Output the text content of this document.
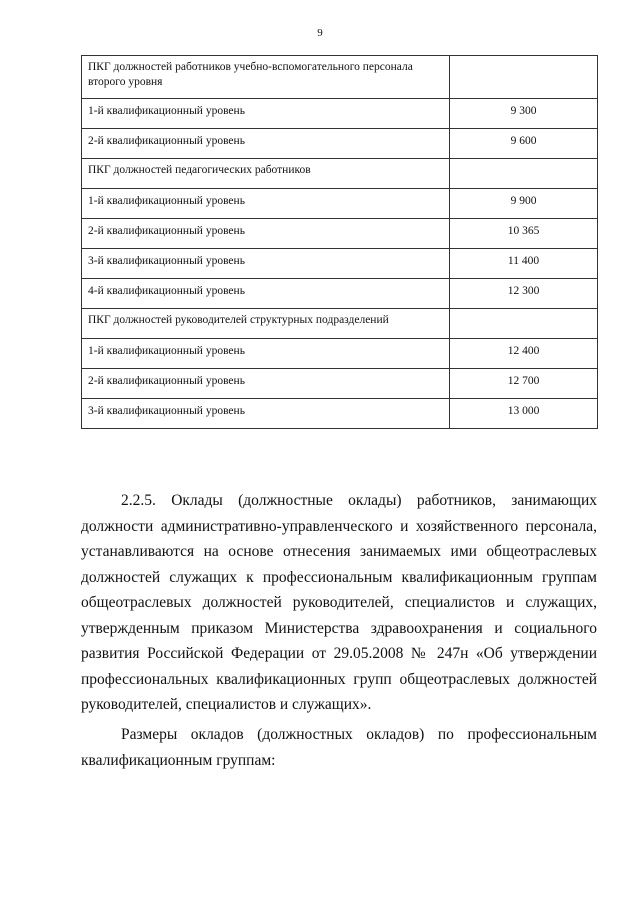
9
ПКГ должностей работников учебно-вспомогательного персонала второго уровня	
1-й квалификационный уровень	9 300
2-й квалификационный уровень	9 600
ПКГ должностей педагогических работников	
1-й квалификационный уровень	9 900
2-й квалификационный уровень	10 365
3-й квалификационный уровень	11 400
4-й квалификационный уровень	12 300
ПКГ должностей руководителей структурных подразделений	
1-й квалификационный уровень	12 400
2-й квалификационный уровень	12 700
3-й квалификационный уровень	13 000

2.2.5. Оклады (должностные оклады) работников, занимающих должности административно-управленческого и хозяйственного персонала, устанавливаются на основе отнесения занимаемых ими общеотраслевых должностей служащих к профессиональным квалификационным группам общеотраслевых должностей руководителей, специалистов и служащих, утвержденным приказом Министерства здравоохранения и социального развития Российской Федерации от 29.05.2008 № 247н «Об утверждении профессиональных квалификационных групп общеотраслевых должностей руководителей, специалистов и служащих».

Размеры окладов (должностных окладов) по профессиональным квалификационным группам:
